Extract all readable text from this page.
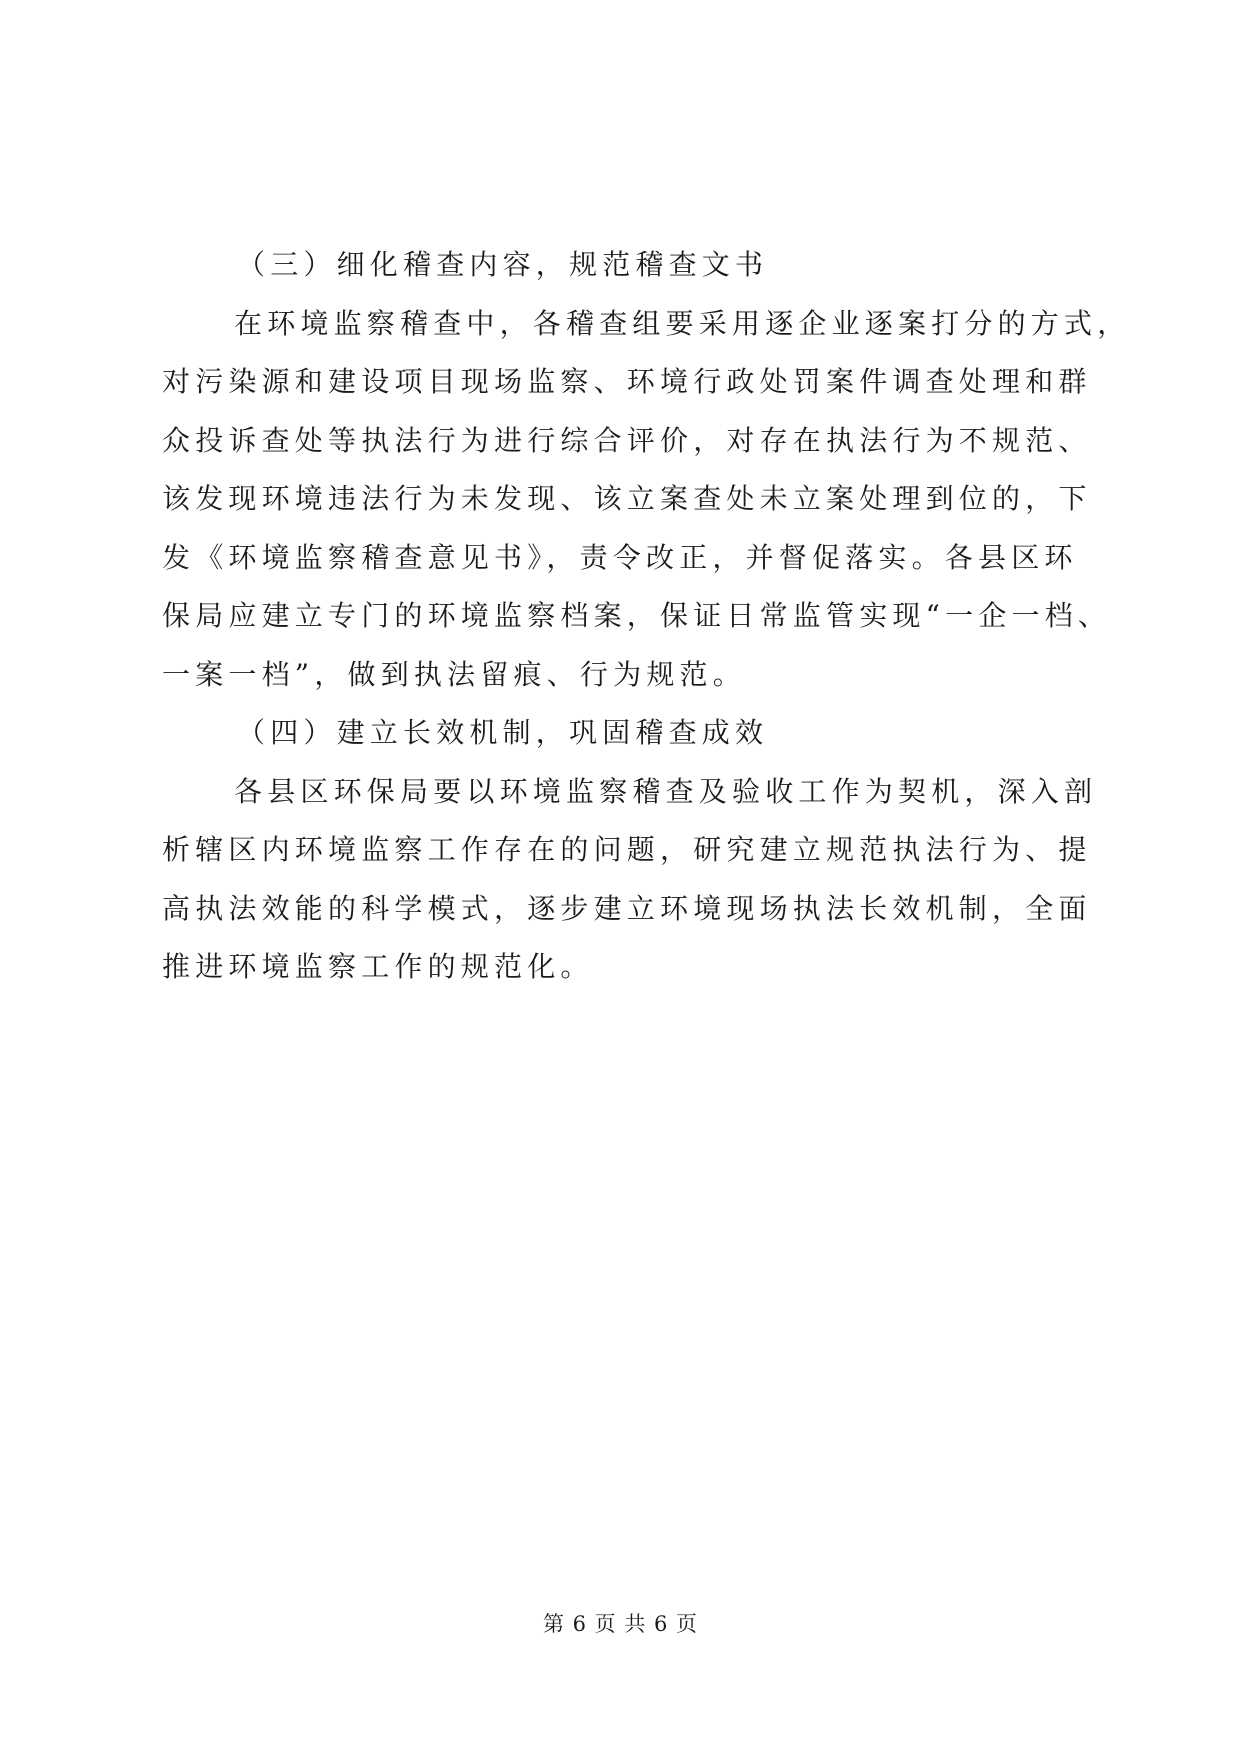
（三）细化稽查内容，规范稽查文书
在环境监察稽查中，各稽查组要采用逐企业逐案打分的方式，
对污染源和建设项目现场监察、环境行政处罚案件调查处理和群
众投诉查处等执法行为进行综合评价，对存在执法行为不规范、
该发现环境违法行为未发现、该立案查处未立案处理到位的，下
发《环境监察稽查意见书》，责令改正，并督促落实。各县区环
保局应建立专门的环境监察档案，保证日常监管实现“一企一档、
一案一档”，做到执法留痕、行为规范。
（四）建立长效机制，巩固稽查成效
各县区环保局要以环境监察稽查及验收工作为契机，深入剖
析辖区内环境监察工作存在的问题，研究建立规范执法行为、提
高执法效能的科学模式，逐步建立环境现场执法长效机制，全面
推进环境监察工作的规范化。
第 6 页 共 6 页
